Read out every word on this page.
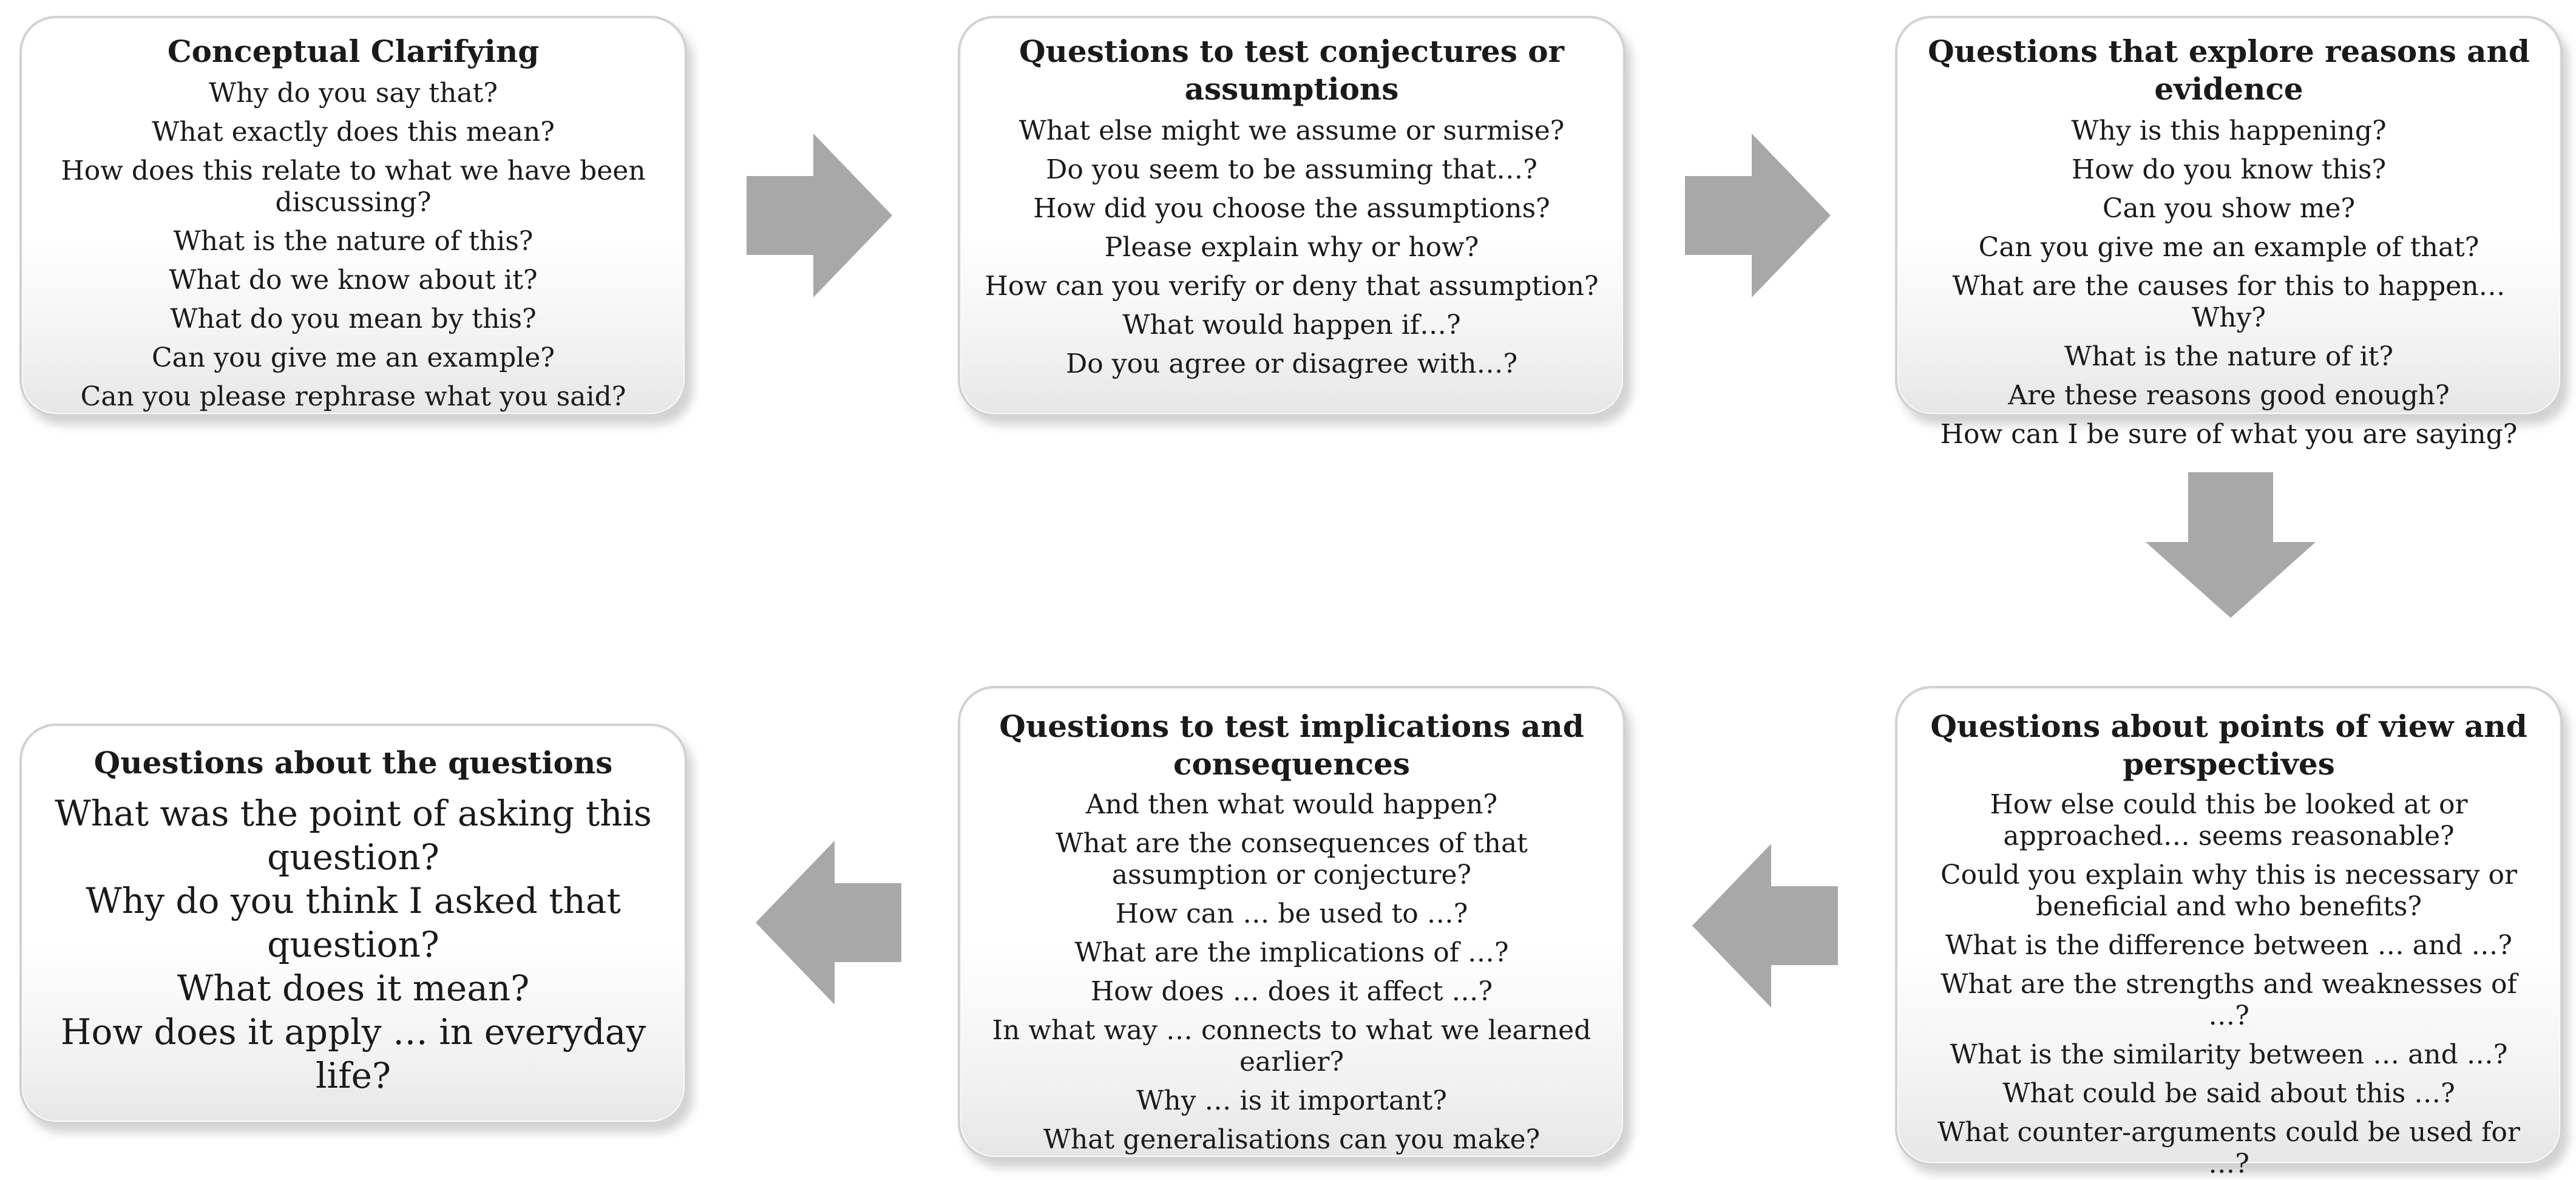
Conceptual Clarifying
Why do you say that?
What exactly does this mean?
How does this relate to what we have been discussing?
What is the nature of this?
What do we know about it?
What do you mean by this?
Can you give me an example?
Can you please rephrase what you said?
Questions to test conjectures or assumptions
What else might we assume or surmise?
Do you seem to be assuming that…?
How did you choose the assumptions?
Please explain why or how?
How can you verify or deny that assumption?
What would happen if…?
Do you agree or disagree with…?
Questions that explore reasons and evidence
Why is this happening?
How do you know this?
Can you show me?
Can you give me an example of that?
What are the causes for this to happen… Why?
What is the nature of it?
Are these reasons good enough?
How can I be sure of what you are saying?
Questions about points of view and perspectives
How else could this be looked at or approached… seems reasonable?
Could you explain why this is necessary or beneficial and who benefits?
What is the difference between … and …?
What are the strengths and weaknesses of …?
What is the similarity between … and …?
What could be said about this …?
What counter-arguments could be used for …?
Questions to test implications and consequences
And then what would happen?
What are the consequences of that assumption or conjecture?
How can … be used to …?
What are the implications of …?
How does … does it affect …?
In what way … connects to what we learned earlier?
Why … is it important?
What generalisations can you make?
Questions about the questions
What was the point of asking this question?
Why do you think I asked that question?
What does it mean?
How does it apply … in everyday life?
